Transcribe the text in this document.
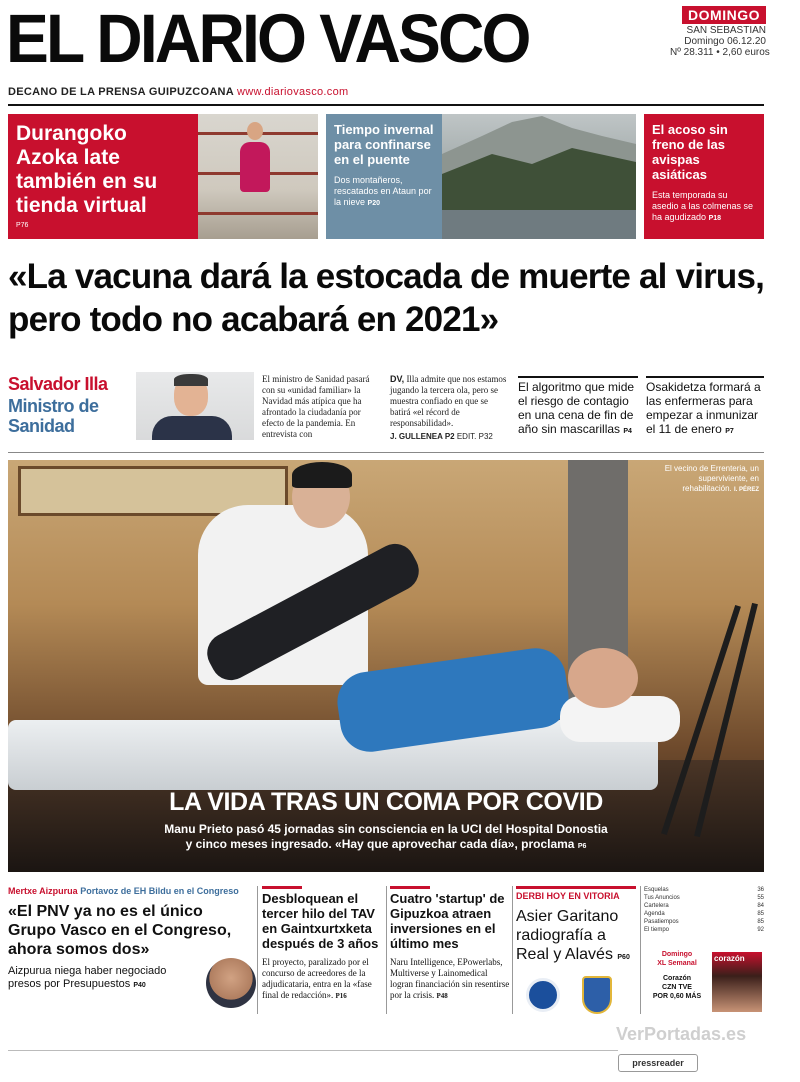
EL DIARIO VASCO
DECANO DE LA PRENSA GUIPUZCOANA www.diariovasco.com
DOMINGO
SAN SEBASTIAN
Domingo 06.12.20
Nº 28.311 • 2,60 euros
Durangoko Azoka late también en su tienda virtual
P76
Tiempo invernal para confinarse en el puente
Dos montañeros, rescatados en Ataun por la nieve P20
El acoso sin freno de las avispas asiáticas
Esta temporada su asedio a las colmenas se ha agudizado P18
«La vacuna dará la estocada de muerte al virus, pero todo no acabará en 2021»
Salvador Illa
Ministro de Sanidad
El ministro de Sanidad pasará con su «unidad familiar» la Navidad más atípica que ha afrontado la ciudadanía por efecto de la pandemia. En entrevista con
DV, Illa admite que nos estamos jugando la tercera ola, pero se muestra confiado en que se batirá «el récord de responsabilidad».
J. GULLENEA P2 EDIT. P32
El algoritmo que mide el riesgo de contagio en una cena de fin de año sin mascarillas P4
Osakidetza formará a las enfermeras para empezar a inmunizar el 11 de enero P7
El vecino de Errenteria, un superviviente, en rehabilitación. I. PÉREZ
LA VIDA TRAS UN COMA POR COVID
Manu Prieto pasó 45 jornadas sin consciencia en la UCI del Hospital Donostia
y cinco meses ingresado. «Hay que aprovechar cada día», proclama P6
Mertxe Aizpurua Portavoz de EH Bildu en el Congreso
«El PNV ya no es el único Grupo Vasco en el Congreso, ahora somos dos»
Aizpurua niega haber negociado presos por Presupuestos P40
Desbloquean el tercer hilo del TAV en Gaintxurtxketa después de 3 años
El proyecto, paralizado por el concurso de acreedores de la adjudicataria, entra en la «fase final de redacción». P16
Cuatro 'startup' de Gipuzkoa atraen inversiones en el último mes
Naru Intelligence, EPowerlabs, Multiverse y Lainomedical logran financiación sin resentirse por la crisis. P48
DERBI HOY EN VITORIA
Asier Garitano radiografía a Real y Alavés P60
Esquelas	36
Tus Anuncios	55
Cartelera	84
Agenda	85
Pasatiempos	85
El tiempo	92
Domingo
XL Semanal
Corazón
CZN TVE
POR 0,60 MÁS
corazón
VerPortadas.es
pressreader
